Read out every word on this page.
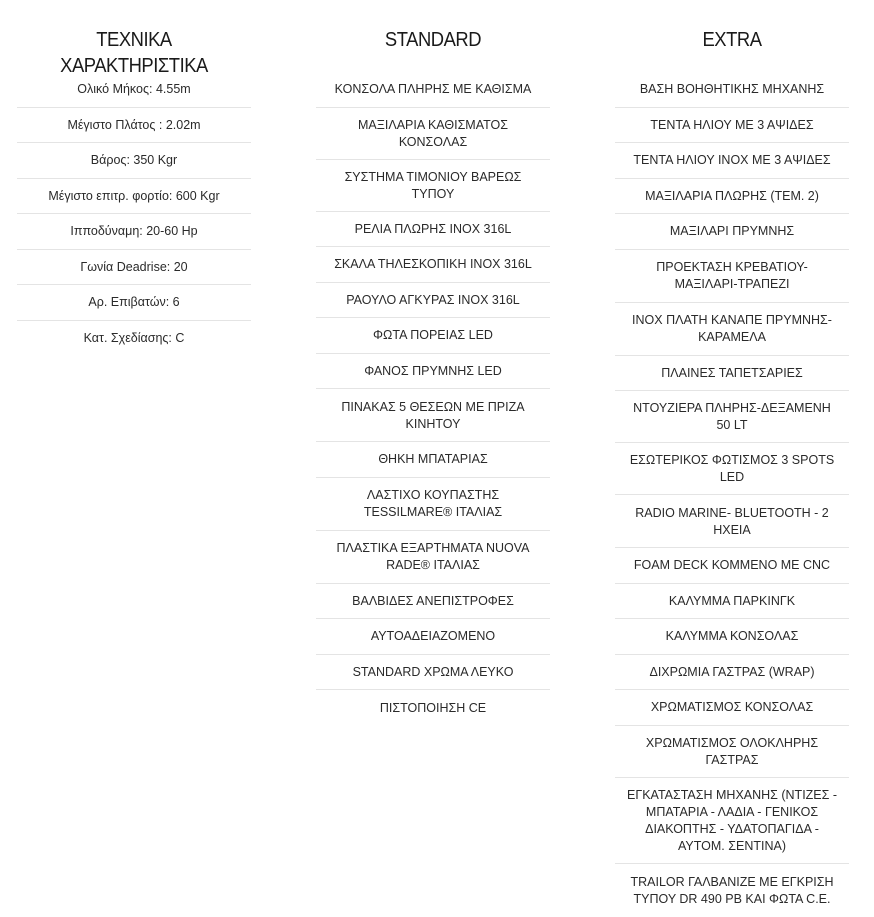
ΤΕΧΝΙΚΑ ΧΑΡΑΚΤΗΡΙΣΤΙΚΑ
Ολικό Μήκος: 4.55m
Μέγιστο Πλάτος : 2.02m
Βάρος: 350 Kgr
Μέγιστο επιτρ. φορτίο: 600 Kgr
Ιπποδύναμη: 20-60 Hp
Γωνία Deadrise: 20
Αρ. Επιβατών: 6
Κατ. Σχεδίασης: C
STANDARD
ΚΟΝΣΟΛΑ ΠΛΗΡΗΣ ΜΕ ΚΑΘΙΣΜΑ
ΜΑΞΙΛΑΡΙΑ ΚΑΘΙΣΜΑΤΟΣ ΚΟΝΣΟΛΑΣ
ΣΥΣΤΗΜΑ ΤΙΜΟΝΙΟΥ ΒΑΡΕΩΣ ΤΥΠΟΥ
ΡΕΛΙΑ ΠΛΩΡΗΣ INOX 316L
ΣΚΑΛΑ ΤΗΛΕΣΚΟΠΙΚΗ INOX 316L
ΡΑΟΥΛΟ ΑΓΚΥΡΑΣ INOX 316L
ΦΩΤΑ ΠΟΡΕΙΑΣ LED
ΦΑΝΟΣ ΠΡΥΜΝΗΣ LED
ΠΙΝΑΚΑΣ 5 ΘΕΣΕΩΝ ΜΕ ΠΡΙΖΑ ΚΙΝΗΤΟΥ
ΘΗΚΗ ΜΠΑΤΑΡΙΑΣ
ΛΑΣΤΙΧΟ ΚΟΥΠΑΣΤΗΣ TESSILMARE® ΙΤΑΛΙΑΣ
ΠΛΑΣΤΙΚΑ ΕΞΑΡΤΗΜΑΤΑ NUOVA RADE® ΙΤΑΛΙΑΣ
ΒΑΛΒΙΔΕΣ ΑΝΕΠΙΣΤΡΟΦΕΣ
ΑΥΤΟΑΔΕΙΑΖΟΜΕΝΟ
STANDARD ΧΡΩΜΑ ΛΕΥΚΟ
ΠΙΣΤΟΠΟΙΗΣΗ CE
EXTRA
ΒΑΣΗ ΒΟΗΘΗΤΙΚΗΣ ΜΗΧΑΝΗΣ
ΤΕΝΤΑ ΗΛΙΟΥ ΜΕ 3 ΑΨΙΔΕΣ
ΤΕΝΤΑ ΗΛΙΟΥ INOX ΜΕ 3 ΑΨΙΔΕΣ
ΜΑΞΙΛΑΡΙΑ ΠΛΩΡΗΣ (ΤΕΜ. 2)
ΜΑΞΙΛΑΡΙ ΠΡΥΜΝΗΣ
ΠΡΟΕΚΤΑΣΗ ΚΡΕΒΑΤΙΟΥ-ΜΑΞΙΛΑΡΙ-ΤΡΑΠΕΖΙ
INOX ΠΛΑΤΗ ΚΑΝΑΠΕ ΠΡΥΜΝΗΣ-ΚΑΡΑΜΕΛΑ
ΠΛΑΙΝΕΣ ΤΑΠΕΤΣΑΡΙΕΣ
ΝΤΟΥΖΙΕΡΑ ΠΛΗΡΗΣ-ΔΕΞΑΜΕΝΗ 50 LT
ΕΣΩΤΕΡΙΚΟΣ ΦΩΤΙΣΜΟΣ 3 SPOTS LED
RADIO MARINE- BLUETOOTH - 2 ΗΧΕΙΑ
FOAM DECK ΚΟΜΜΕΝΟ ΜΕ CNC
ΚΑΛΥΜΜΑ ΠΑΡΚΙΝΓΚ
ΚΑΛΥΜΜΑ ΚΟΝΣΟΛΑΣ
ΔΙΧΡΩΜΙΑ ΓΑΣΤΡΑΣ (WRAP)
ΧΡΩΜΑΤΙΣΜΟΣ ΚΟΝΣΟΛΑΣ
ΧΡΩΜΑΤΙΣΜΟΣ ΟΛΟΚΛΗΡΗΣ ΓΑΣΤΡΑΣ
ΕΓΚΑΤΑΣΤΑΣΗ ΜΗΧΑΝΗΣ (ΝΤΙΖΕΣ - ΜΠΑΤΑΡΙΑ - ΛΑΔΙΑ - ΓΕΝΙΚΟΣ ΔΙΑΚΟΠΤΗΣ - ΥΔΑΤΟΠΑΓΙΔΑ - ΑΥΤΟΜ. ΣΕΝΤΙΝΑ)
TRAILOR ΓΑΛΒΑΝΙΖΕ ΜΕ ΕΓΚΡΙΣΗ ΤΥΠΟΥ DR 490 PB ΚΑΙ ΦΩΤΑ C.E.
